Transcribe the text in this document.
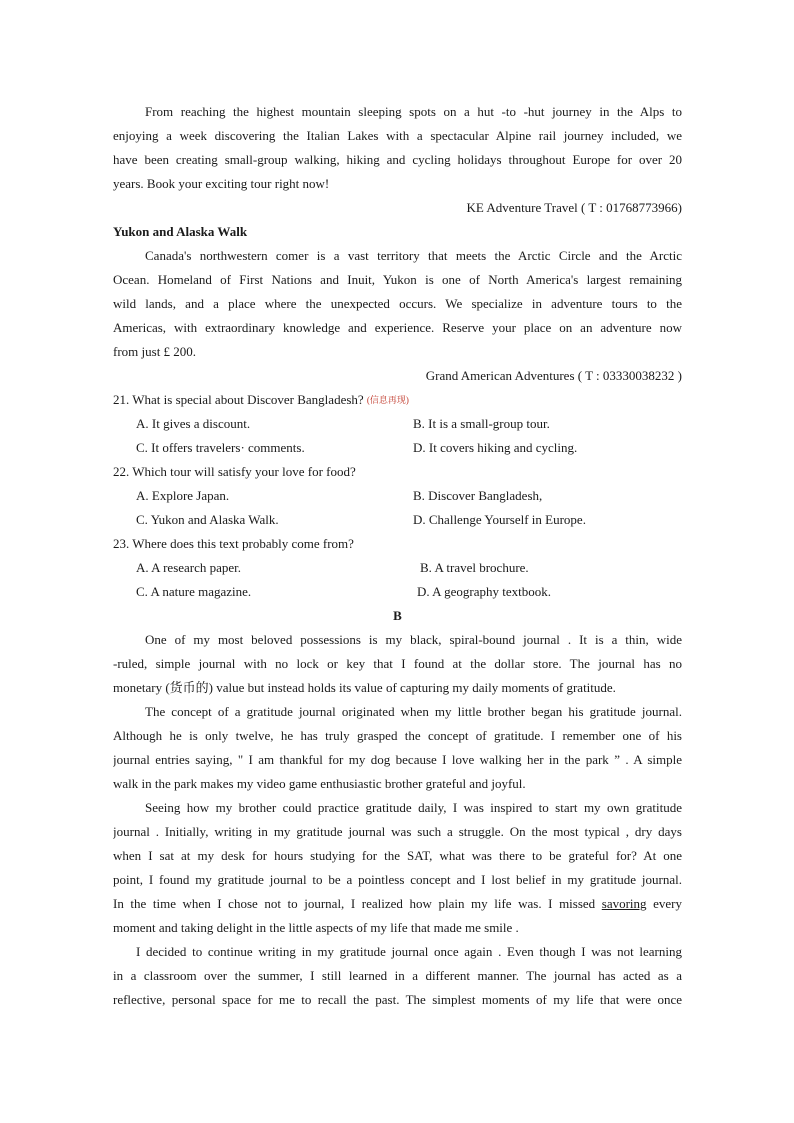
From reaching the highest mountain sleeping spots on a hut -to -hut journey in the Alps to
enjoying a week discovering the Italian Lakes with a spectacular Alpine rail journey included, we
have been creating small-group walking, hiking and cycling holidays throughout Europe for over 20
years. Book your exciting tour right now!
KE Adventure Travel ( T : 01768773966)
Yukon and Alaska Walk
Canada's northwestern comer is a vast territory that meets the Arctic Circle and the Arctic
Ocean. Homeland of First Nations and Inuit, Yukon is one of North America's largest remaining
wild lands, and a place where the unexpected occurs. We specialize in adventure tours to the
Americas, with extraordinary knowledge and experience. Reserve your place on an adventure now
from just £ 200.
Grand American Adventures ( T : 03330038232 )
21. What is special about Discover Bangladesh? (信息再现)
A. It gives a discount.	B. It is a small-group tour.
C. It offers travelers· comments.	D. It covers hiking and cycling.
22. Which tour will satisfy your love for food?
A. Explore Japan.	B. Discover Bangladesh,
C. Yukon and Alaska Walk.	D. Challenge Yourself in Europe.
23. Where does this text probably come from?
A. A research paper.	B. A travel brochure.
C. A nature magazine.	D. A geography textbook.
B
One of my most beloved possessions is my black, spiral-bound journal . It is a thin, wide
-ruled, simple journal with no lock or key that I found at the dollar store. The journal has no
monetary (货币的) value but instead holds its value of capturing my daily moments of gratitude.
The concept of a gratitude journal originated when my little brother began his gratitude journal.
Although he is only twelve, he has truly grasped the concept of gratitude. I remember one of his
journal entries saying, " I am thankful for my dog because I love walking her in the park ” . A simple
walk in the park makes my video game enthusiastic brother grateful and joyful.
Seeing how my brother could practice gratitude daily, I was inspired to start my own gratitude
journal . Initially, writing in my gratitude journal was such a struggle. On the most typical , dry days
when I sat at my desk for hours studying for the SAT, what was there to be grateful for? At one
point, I found my gratitude journal to be a pointless concept and I lost belief in my gratitude journal.
In the time when I chose not to journal, I realized how plain my life was. I missed savoring every
moment and taking delight in the little aspects of my life that made me smile .
I decided to continue writing in my gratitude journal once again . Even though I was not learning
in a classroom over the summer, I still learned in a different manner. The journal has acted as a
reflective, personal space for me to recall the past. The simplest moments of my life that were once
